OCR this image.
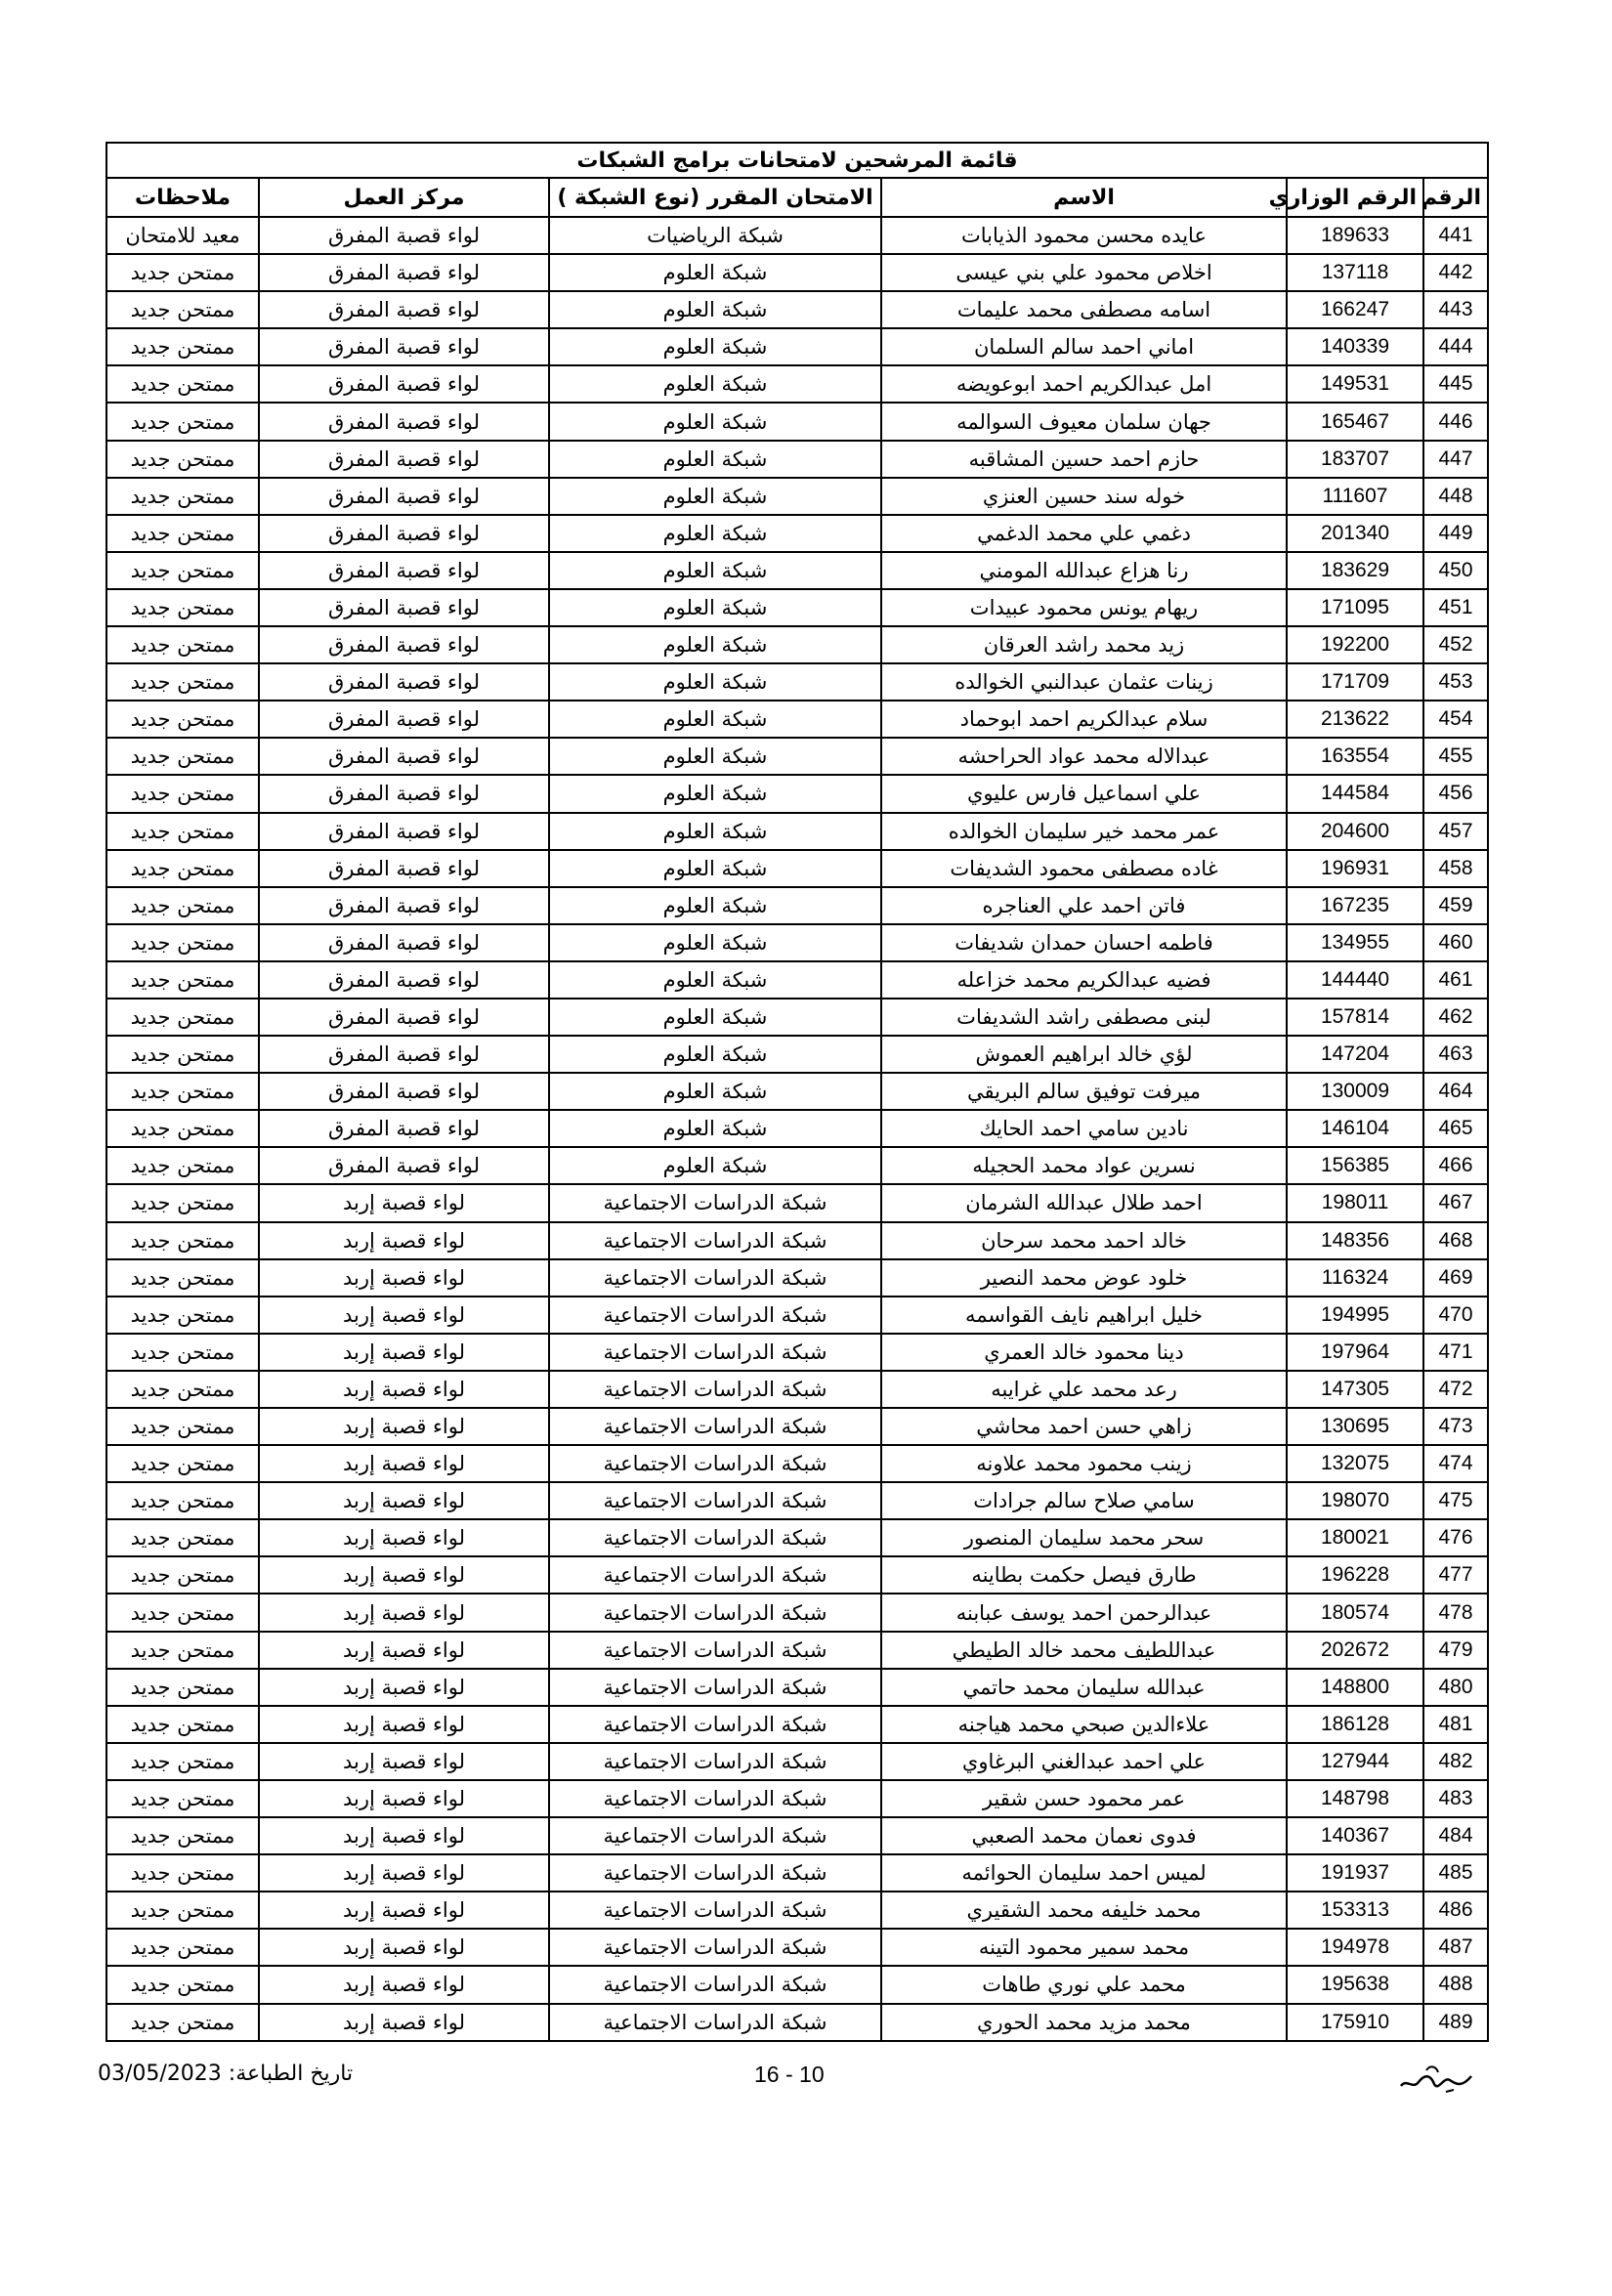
قائمة المرشحين لامتحانات برامج الشبكات					
الرقم	الرقم الوزاري	الاسم	الامتحان المقرر (نوع الشبكة )	مركز العمل	ملاحظات
441	189633	عايده محسن محمود الذيابات	شبكة الرياضيات	لواء قصبة المفرق	معيد للامتحان
442	137118	اخلاص محمود علي بني عيسى	شبكة العلوم	لواء قصبة المفرق	ممتحن جديد
443	166247	اسامه مصطفى محمد عليمات	شبكة العلوم	لواء قصبة المفرق	ممتحن جديد
444	140339	اماني احمد سالم السلمان	شبكة العلوم	لواء قصبة المفرق	ممتحن جديد
445	149531	امل عبدالكريم احمد ابوعويضه	شبكة العلوم	لواء قصبة المفرق	ممتحن جديد
446	165467	جهان سلمان معيوف السوالمه	شبكة العلوم	لواء قصبة المفرق	ممتحن جديد
447	183707	حازم احمد حسين المشاقبه	شبكة العلوم	لواء قصبة المفرق	ممتحن جديد
448	111607	خوله سند حسين العنزي	شبكة العلوم	لواء قصبة المفرق	ممتحن جديد
449	201340	دغمي علي محمد الدغمي	شبكة العلوم	لواء قصبة المفرق	ممتحن جديد
450	183629	رنا هزاع عبدالله المومني	شبكة العلوم	لواء قصبة المفرق	ممتحن جديد
451	171095	ريهام يونس محمود عبيدات	شبكة العلوم	لواء قصبة المفرق	ممتحن جديد
452	192200	زيد محمد راشد العرقان	شبكة العلوم	لواء قصبة المفرق	ممتحن جديد
453	171709	زينات عثمان عبدالنبي الخوالده	شبكة العلوم	لواء قصبة المفرق	ممتحن جديد
454	213622	سلام عبدالكريم احمد ابوحماد	شبكة العلوم	لواء قصبة المفرق	ممتحن جديد
455	163554	عبدالاله محمد عواد الحراحشه	شبكة العلوم	لواء قصبة المفرق	ممتحن جديد
456	144584	علي اسماعيل فارس عليوي	شبكة العلوم	لواء قصبة المفرق	ممتحن جديد
457	204600	عمر محمد خير سليمان الخوالده	شبكة العلوم	لواء قصبة المفرق	ممتحن جديد
458	196931	غاده مصطفى محمود الشديفات	شبكة العلوم	لواء قصبة المفرق	ممتحن جديد
459	167235	فاتن احمد علي العناجره	شبكة العلوم	لواء قصبة المفرق	ممتحن جديد
460	134955	فاطمه احسان حمدان شديفات	شبكة العلوم	لواء قصبة المفرق	ممتحن جديد
461	144440	فضيه عبدالكريم محمد خزاعله	شبكة العلوم	لواء قصبة المفرق	ممتحن جديد
462	157814	لبنى مصطفى راشد الشديفات	شبكة العلوم	لواء قصبة المفرق	ممتحن جديد
463	147204	لؤي خالد ابراهيم العموش	شبكة العلوم	لواء قصبة المفرق	ممتحن جديد
464	130009	ميرفت توفيق سالم البريقي	شبكة العلوم	لواء قصبة المفرق	ممتحن جديد
465	146104	نادين سامي احمد الحايك	شبكة العلوم	لواء قصبة المفرق	ممتحن جديد
466	156385	نسرين عواد محمد الحجيله	شبكة العلوم	لواء قصبة المفرق	ممتحن جديد
467	198011	احمد طلال عبدالله الشرمان	شبكة الدراسات الاجتماعية	لواء قصبة إربد	ممتحن جديد
468	148356	خالد احمد محمد سرحان	شبكة الدراسات الاجتماعية	لواء قصبة إربد	ممتحن جديد
469	116324	خلود عوض محمد النصير	شبكة الدراسات الاجتماعية	لواء قصبة إربد	ممتحن جديد
470	194995	خليل ابراهيم نايف القواسمه	شبكة الدراسات الاجتماعية	لواء قصبة إربد	ممتحن جديد
471	197964	دينا محمود خالد العمري	شبكة الدراسات الاجتماعية	لواء قصبة إربد	ممتحن جديد
472	147305	رعد محمد علي غرايبه	شبكة الدراسات الاجتماعية	لواء قصبة إربد	ممتحن جديد
473	130695	زاهي حسن احمد محاشي	شبكة الدراسات الاجتماعية	لواء قصبة إربد	ممتحن جديد
474	132075	زينب محمود محمد علاونه	شبكة الدراسات الاجتماعية	لواء قصبة إربد	ممتحن جديد
475	198070	سامي صلاح سالم جرادات	شبكة الدراسات الاجتماعية	لواء قصبة إربد	ممتحن جديد
476	180021	سحر محمد سليمان المنصور	شبكة الدراسات الاجتماعية	لواء قصبة إربد	ممتحن جديد
477	196228	طارق فيصل حكمت بطاينه	شبكة الدراسات الاجتماعية	لواء قصبة إربد	ممتحن جديد
478	180574	عبدالرحمن احمد يوسف عبابنه	شبكة الدراسات الاجتماعية	لواء قصبة إربد	ممتحن جديد
479	202672	عبداللطيف محمد خالد الطيطي	شبكة الدراسات الاجتماعية	لواء قصبة إربد	ممتحن جديد
480	148800	عبدالله سليمان محمد حاتمي	شبكة الدراسات الاجتماعية	لواء قصبة إربد	ممتحن جديد
481	186128	علاءالدين صبحي محمد هياجنه	شبكة الدراسات الاجتماعية	لواء قصبة إربد	ممتحن جديد
482	127944	علي احمد عبدالغني البرغاوي	شبكة الدراسات الاجتماعية	لواء قصبة إربد	ممتحن جديد
483	148798	عمر محمود حسن شقير	شبكة الدراسات الاجتماعية	لواء قصبة إربد	ممتحن جديد
484	140367	فدوى نعمان محمد الصعبي	شبكة الدراسات الاجتماعية	لواء قصبة إربد	ممتحن جديد
485	191937	لميس احمد سليمان الحوائمه	شبكة الدراسات الاجتماعية	لواء قصبة إربد	ممتحن جديد
486	153313	محمد خليفه محمد الشقيري	شبكة الدراسات الاجتماعية	لواء قصبة إربد	ممتحن جديد
487	194978	محمد سمير محمود التينه	شبكة الدراسات الاجتماعية	لواء قصبة إربد	ممتحن جديد
488	195638	محمد علي نوري طاهات	شبكة الدراسات الاجتماعية	لواء قصبة إربد	ممتحن جديد
489	175910	محمد مزيد محمد الحوري	شبكة الدراسات الاجتماعية	لواء قصبة إربد	ممتحن جديد
تاريخ الطباعة: 03/05/2023	16 - 10
